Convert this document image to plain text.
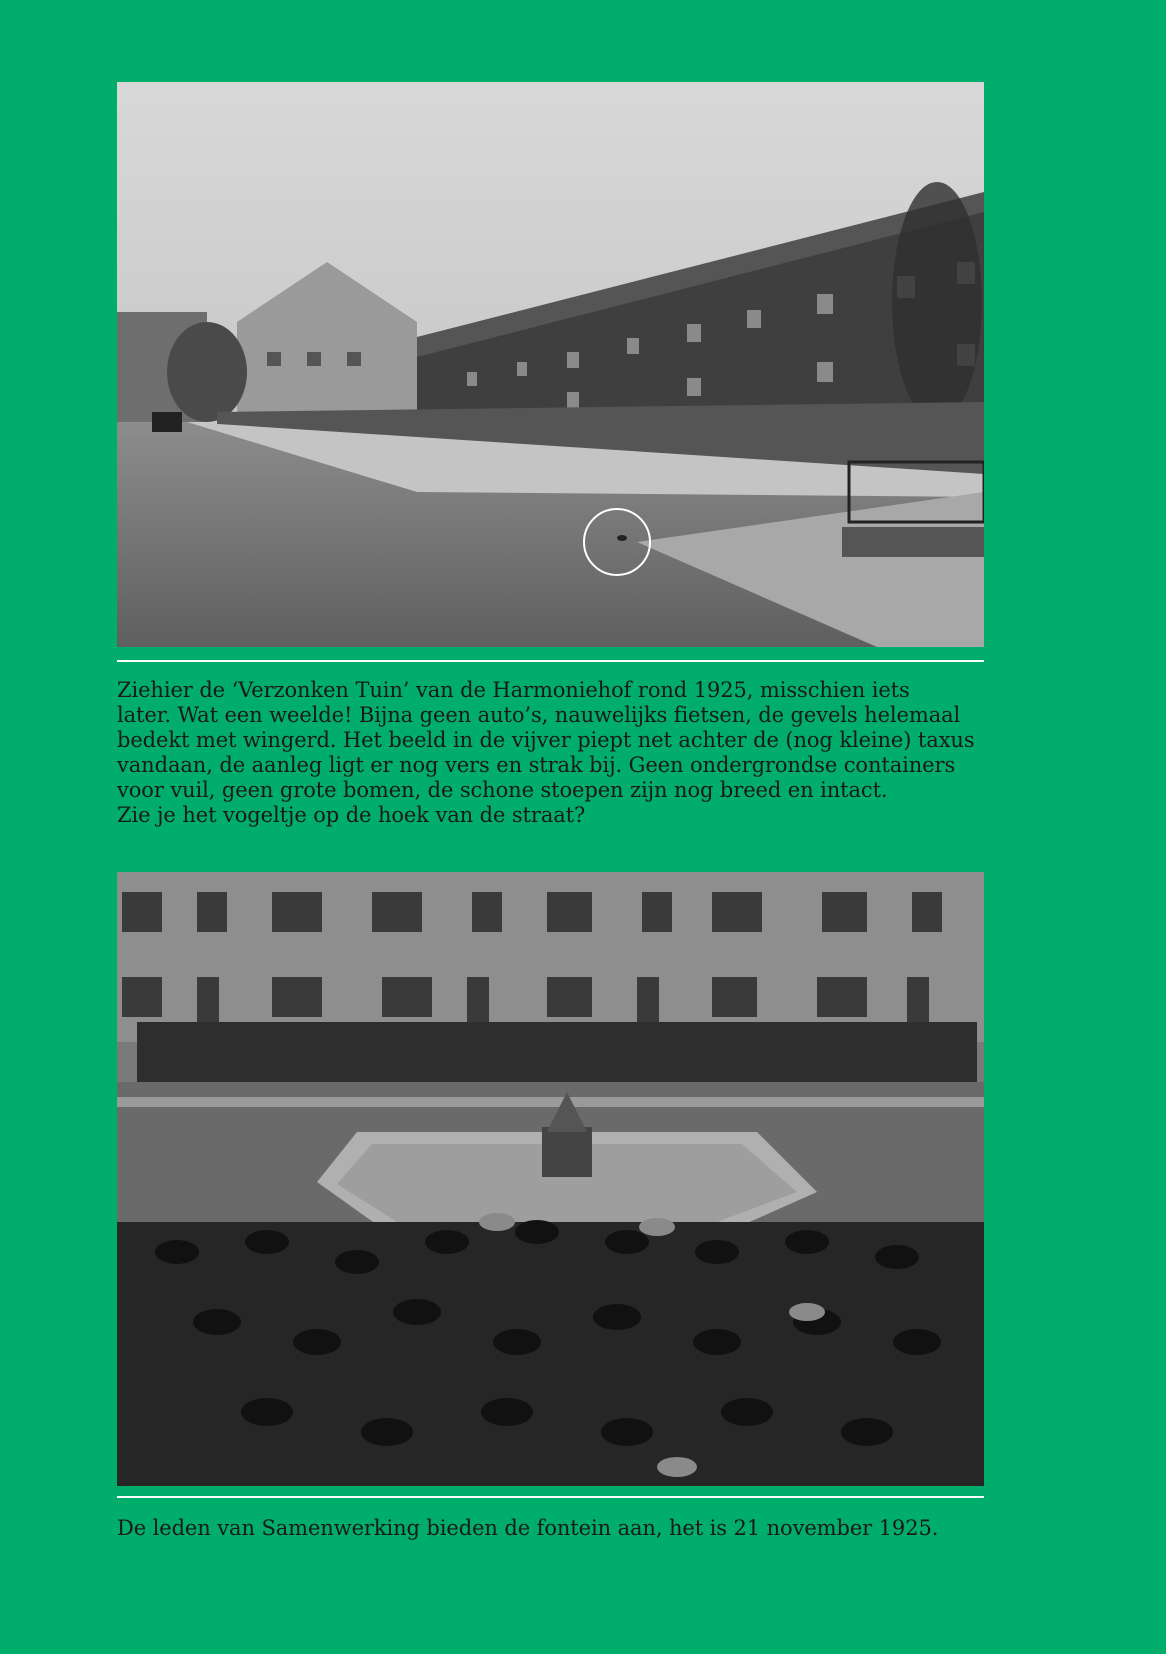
Ziehier de ‘Verzonken Tuin’ van de Harmoniehof rond 1925, misschien iets
later. Wat een weelde! Bijna geen auto’s, nauwelijks fietsen, de gevels helemaal
bedekt met wingerd. Het beeld in de vijver piept net achter de (nog kleine) taxus
vandaan, de aanleg ligt er nog vers en strak bij. Geen ondergrondse containers
voor vuil, geen grote bomen, de schone stoepen zijn nog breed en intact.
Zie je het vogeltje op de hoek van de straat?

De leden van Samenwerking bieden de fontein aan, het is 21 november 1925.
